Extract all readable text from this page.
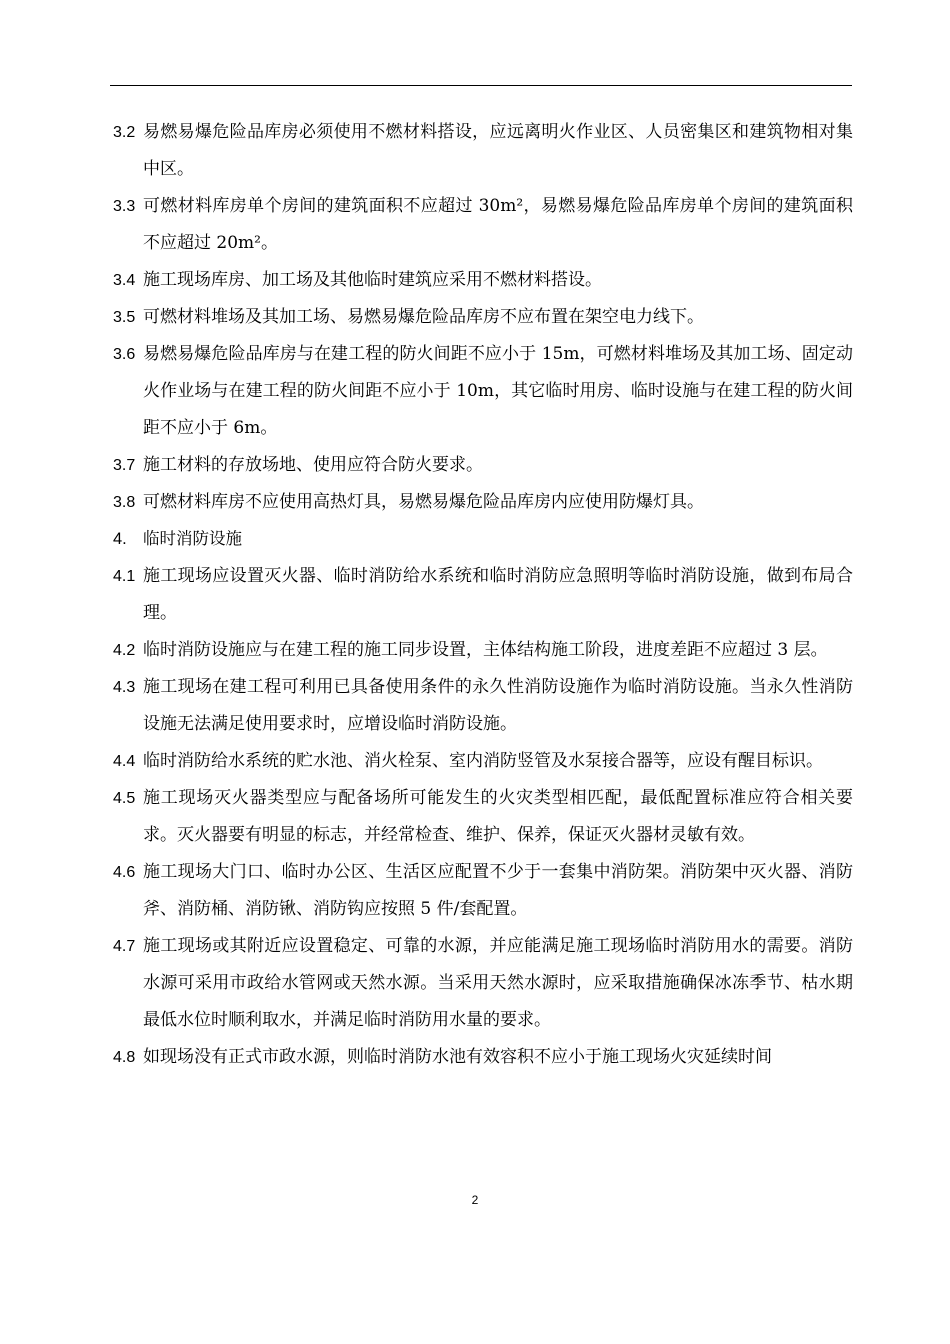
3.2 易燃易爆危险品库房必须使用不燃材料搭设，应远离明火作业区、人员密集区和建筑物相对集中区。
3.3 可燃材料库房单个房间的建筑面积不应超过 30m²，易燃易爆危险品库房单个房间的建筑面积不应超过 20m²。
3.4 施工现场库房、加工场及其他临时建筑应采用不燃材料搭设。
3.5 可燃材料堆场及其加工场、易燃易爆危险品库房不应布置在架空电力线下。
3.6 易燃易爆危险品库房与在建工程的防火间距不应小于 15m，可燃材料堆场及其加工场、固定动火作业场与在建工程的防火间距不应小于 10m，其它临时用房、临时设施与在建工程的防火间距不应小于 6m。
3.7 施工材料的存放场地、使用应符合防火要求。
3.8 可燃材料库房不应使用高热灯具，易燃易爆危险品库房内应使用防爆灯具。
4. 临时消防设施
4.1 施工现场应设置灭火器、临时消防给水系统和临时消防应急照明等临时消防设施，做到布局合理。
4.2 临时消防设施应与在建工程的施工同步设置，主体结构施工阶段，进度差距不应超过 3 层。
4.3 施工现场在建工程可利用已具备使用条件的永久性消防设施作为临时消防设施。当永久性消防设施无法满足使用要求时，应增设临时消防设施。
4.4 临时消防给水系统的贮水池、消火栓泵、室内消防竖管及水泵接合器等，应设有醒目标识。
4.5 施工现场灭火器类型应与配备场所可能发生的火灾类型相匹配，最低配置标准应符合相关要求。灭火器要有明显的标志，并经常检查、维护、保养，保证灭火器材灵敏有效。
4.6 施工现场大门口、临时办公区、生活区应配置不少于一套集中消防架。消防架中灭火器、消防斧、消防桶、消防锹、消防钩应按照 5 件/套配置。
4.7 施工现场或其附近应设置稳定、可靠的水源，并应能满足施工现场临时消防用水的需要。消防水源可采用市政给水管网或天然水源。当采用天然水源时，应采取措施确保冰冻季节、枯水期最低水位时顺利取水，并满足临时消防用水量的要求。
4.8 如现场没有正式市政水源，则临时消防水池有效容积不应小于施工现场火灾延续时间
2
